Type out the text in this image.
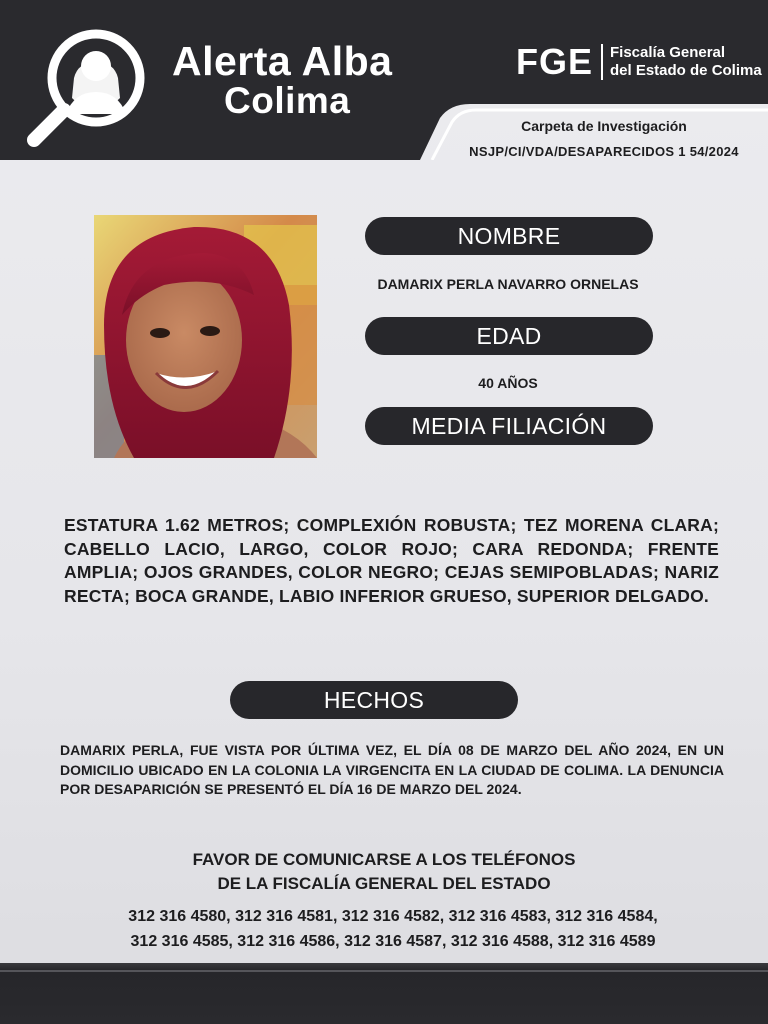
Alerta Alba
Colima
FGE Fiscalía General
del Estado de Colima
Carpeta de Investigación
NSJP/CI/VDA/DESAPARECIDOS 1 54/2024
NOMBRE
DAMARIX PERLA NAVARRO ORNELAS
EDAD
40 AÑOS
MEDIA FILIACIÓN
ESTATURA 1.62 METROS; COMPLEXIÓN ROBUSTA; TEZ MORENA CLARA; CABELLO LACIO, LARGO, COLOR ROJO; CARA REDONDA; FRENTE AMPLIA; OJOS GRANDES, COLOR NEGRO; CEJAS SEMIPOBLADAS; NARIZ RECTA; BOCA GRANDE, LABIO INFERIOR GRUESO, SUPERIOR DELGADO.
HECHOS
DAMARIX PERLA, FUE VISTA POR ÚLTIMA VEZ, EL DÍA 08 DE MARZO DEL AÑO 2024, EN UN DOMICILIO UBICADO EN LA COLONIA LA VIRGENCITA EN LA CIUDAD DE COLIMA. LA DENUNCIA POR DESAPARICIÓN SE PRESENTÓ EL DÍA 16 DE MARZO DEL 2024.
FAVOR DE COMUNICARSE A LOS TELÉFONOS
DE LA FISCALÍA GENERAL DEL ESTADO
312 316 4580, 312 316 4581, 312 316 4582, 312 316 4583, 312 316 4584,
312 316 4585, 312 316 4586, 312 316 4587, 312 316 4588, 312 316 4589
